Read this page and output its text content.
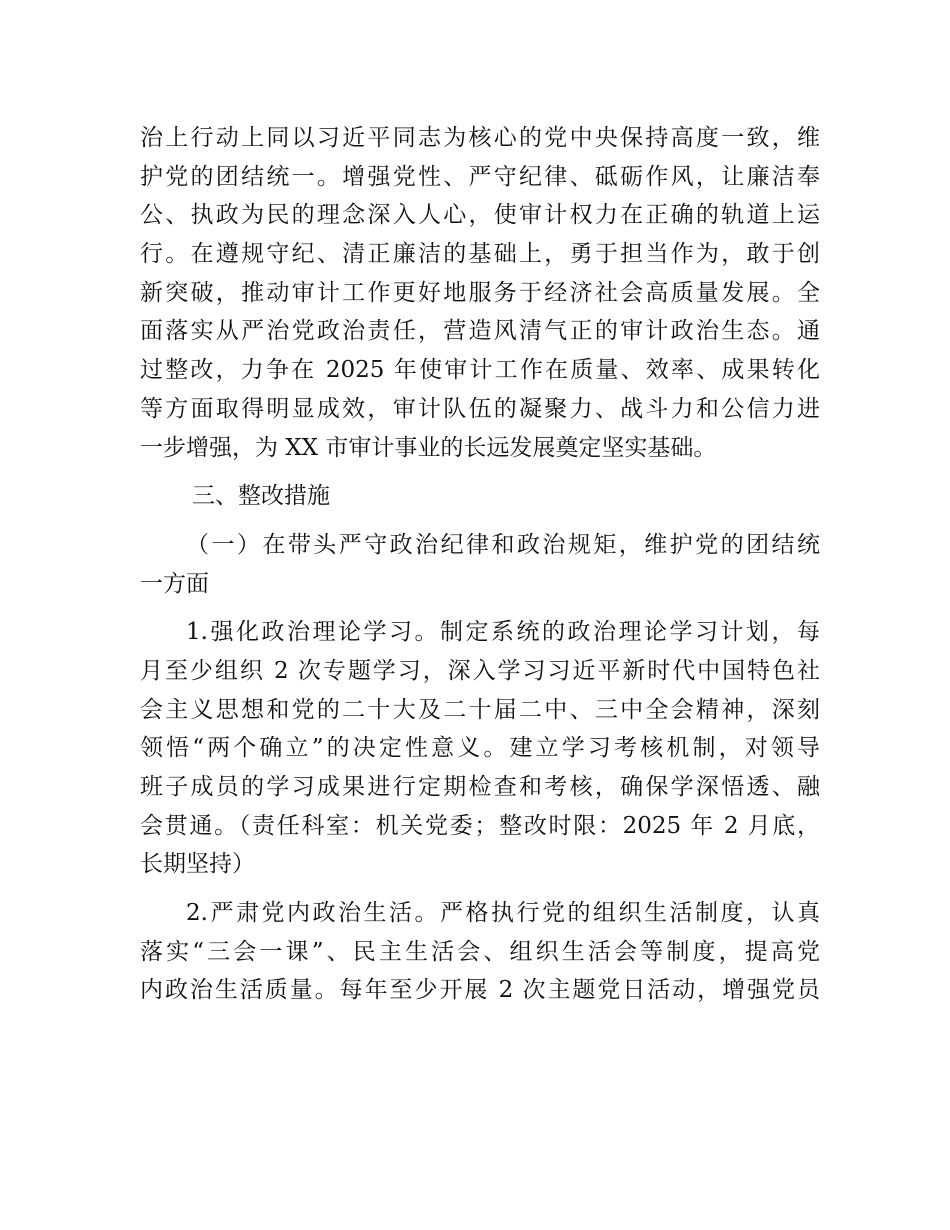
治上行动上同以习近平同志为核心的党中央保持高度一致，维
护党的团结统一。增强党性、严守纪律、砥砺作风，让廉洁奉
公、执政为民的理念深入人心，使审计权力在正确的轨道上运
行。在遵规守纪、清正廉洁的基础上，勇于担当作为，敢于创
新突破，推动审计工作更好地服务于经济社会高质量发展。全
面落实从严治党政治责任，营造风清气正的审计政治生态。通
过整改，力争在 2025 年使审计工作在质量、效率、成果转化
等方面取得明显成效，审计队伍的凝聚力、战斗力和公信力进
一步增强，为 XX 市审计事业的长远发展奠定坚实基础。
三、整改措施
（一）在带头严守政治纪律和政治规矩，维护党的团结统
一方面
1.强化政治理论学习。制定系统的政治理论学习计划，每
月至少组织 2 次专题学习，深入学习习近平新时代中国特色社
会主义思想和党的二十大及二十届二中、三中全会精神，深刻
领悟“两个确立”的决定性意义。建立学习考核机制，对领导
班子成员的学习成果进行定期检查和考核，确保学深悟透、融
会贯通。（责任科室：机关党委；整改时限：2025 年 2 月底，
长期坚持）
2.严肃党内政治生活。严格执行党的组织生活制度，认真
落实“三会一课”、民主生活会、组织生活会等制度，提高党
内政治生活质量。每年至少开展 2 次主题党日活动，增强党员
